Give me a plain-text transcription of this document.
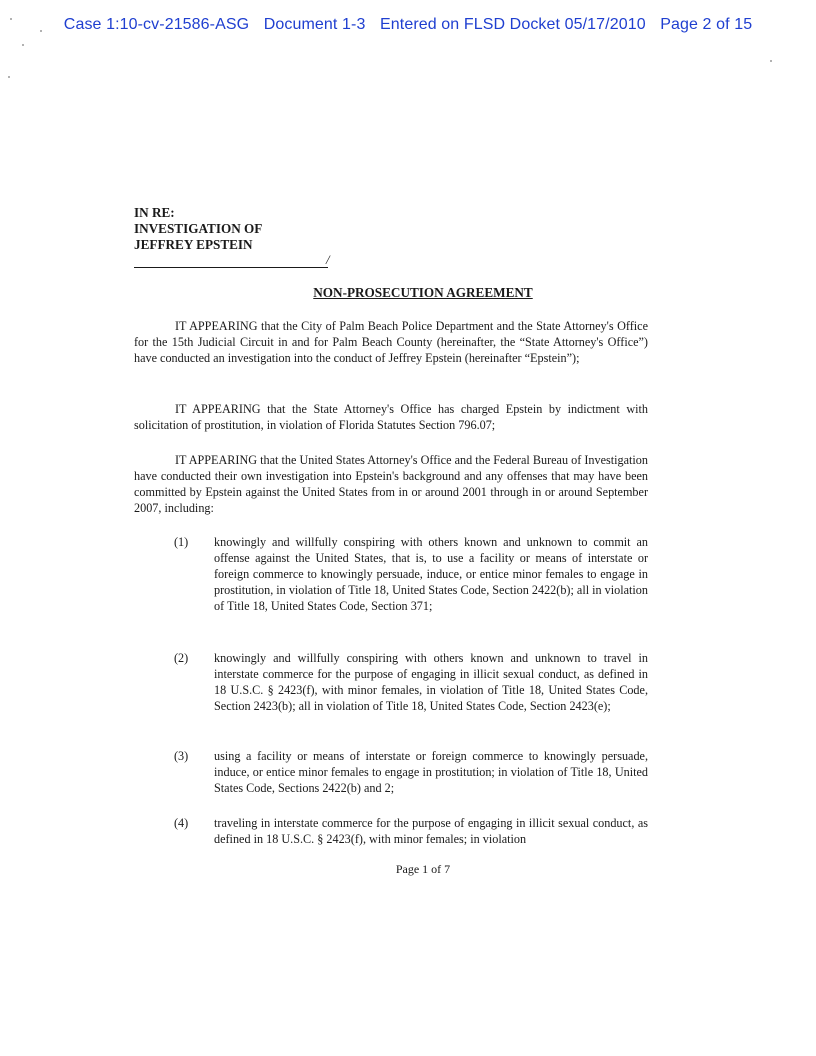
Case 1:10-cv-21586-ASG Document 1-3 Entered on FLSD Docket 05/17/2010 Page 2 of 15
IN RE:
INVESTIGATION OF
JEFFREY EPSTEIN
/
NON-PROSECUTION AGREEMENT
IT APPEARING that the City of Palm Beach Police Department and the State Attorney's Office for the 15th Judicial Circuit in and for Palm Beach County (hereinafter, the “State Attorney's Office”) have conducted an investigation into the conduct of Jeffrey Epstein (hereinafter “Epstein”);
IT APPEARING that the State Attorney's Office has charged Epstein by indictment with solicitation of prostitution, in violation of Florida Statutes Section 796.07;
IT APPEARING that the United States Attorney's Office and the Federal Bureau of Investigation have conducted their own investigation into Epstein's background and any offenses that may have been committed by Epstein against the United States from in or around 2001 through in or around September 2007, including:
(1) knowingly and willfully conspiring with others known and unknown to commit an offense against the United States, that is, to use a facility or means of interstate or foreign commerce to knowingly persuade, induce, or entice minor females to engage in prostitution, in violation of Title 18, United States Code, Section 2422(b); all in violation of Title 18, United States Code, Section 371;
(2) knowingly and willfully conspiring with others known and unknown to travel in interstate commerce for the purpose of engaging in illicit sexual conduct, as defined in 18 U.S.C. § 2423(f), with minor females, in violation of Title 18, United States Code, Section 2423(b); all in violation of Title 18, United States Code, Section 2423(e);
(3) using a facility or means of interstate or foreign commerce to knowingly persuade, induce, or entice minor females to engage in prostitution; in violation of Title 18, United States Code, Sections 2422(b) and 2;
(4) traveling in interstate commerce for the purpose of engaging in illicit sexual conduct, as defined in 18 U.S.C. § 2423(f), with minor females; in violation
Page 1 of 7
